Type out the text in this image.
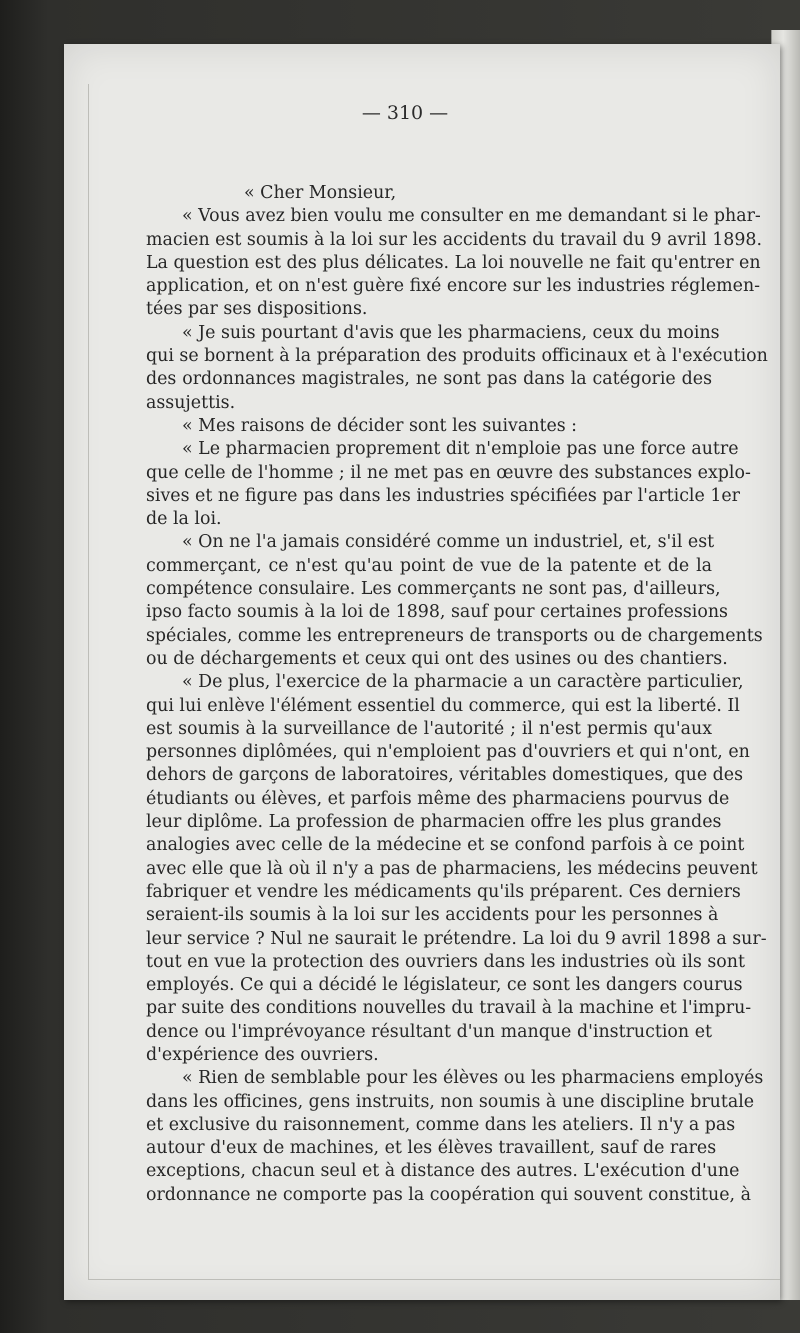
— 310 —
« Cher Monsieur,
« Vous avez bien voulu me consulter en me demandant si le phar-
macien est soumis à la loi sur les accidents du travail du 9 avril 1898.
La question est des plus délicates. La loi nouvelle ne fait qu'entrer en
application, et on n'est guère fixé encore sur les industries réglemen-
tées par ses dispositions.
« Je suis pourtant d'avis que les pharmaciens, ceux du moins
qui se bornent à la préparation des produits officinaux et à l'exécution
des ordonnances magistrales, ne sont pas dans la catégorie des
assujettis.
« Mes raisons de décider sont les suivantes :
« Le pharmacien proprement dit n'emploie pas une force autre
que celle de l'homme ; il ne met pas en œuvre des substances explo-
sives et ne figure pas dans les industries spécifiées par l'article 1er
de la loi.
« On ne l'a jamais considéré comme un industriel, et, s'il est
commerçant, ce n'est qu'au point de vue de la patente et de la
compétence consulaire. Les commerçants ne sont pas, d'ailleurs,
ipso facto soumis à la loi de 1898, sauf pour certaines professions
spéciales, comme les entrepreneurs de transports ou de chargements
ou de déchargements et ceux qui ont des usines ou des chantiers.
« De plus, l'exercice de la pharmacie a un caractère particulier,
qui lui enlève l'élément essentiel du commerce, qui est la liberté. Il
est soumis à la surveillance de l'autorité ; il n'est permis qu'aux
personnes diplômées, qui n'emploient pas d'ouvriers et qui n'ont, en
dehors de garçons de laboratoires, véritables domestiques, que des
étudiants ou élèves, et parfois même des pharmaciens pourvus de
leur diplôme. La profession de pharmacien offre les plus grandes
analogies avec celle de la médecine et se confond parfois à ce point
avec elle que là où il n'y a pas de pharmaciens, les médecins peuvent
fabriquer et vendre les médicaments qu'ils préparent. Ces derniers
seraient-ils soumis à la loi sur les accidents pour les personnes à
leur service ? Nul ne saurait le prétendre. La loi du 9 avril 1898 a sur-
tout en vue la protection des ouvriers dans les industries où ils sont
employés. Ce qui a décidé le législateur, ce sont les dangers courus
par suite des conditions nouvelles du travail à la machine et l'impru-
dence ou l'imprévoyance résultant d'un manque d'instruction et
d'expérience des ouvriers.
« Rien de semblable pour les élèves ou les pharmaciens employés
dans les officines, gens instruits, non soumis à une discipline brutale
et exclusive du raisonnement, comme dans les ateliers. Il n'y a pas
autour d'eux de machines, et les élèves travaillent, sauf de rares
exceptions, chacun seul et à distance des autres. L'exécution d'une
ordonnance ne comporte pas la coopération qui souvent constitue, à
